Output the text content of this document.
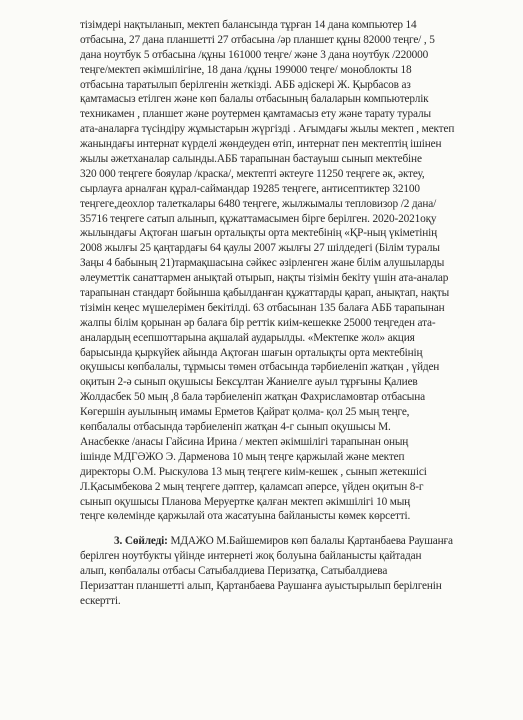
тізімдері нақтыланып, мектеп балансында тұрған 14 дана компьютер 14
отбасына, 27 дана планшетті 27 отбасына /әр планшет құны 82000 теңге/ , 5
дана ноутбук 5 отбасына /құны 161000 теңге/ және 3 дана ноутбук /220000
теңге/мектеп әкімшілігіне, 18 дана /құны 199000 теңге/ моноблокты 18
отбасына таратылып берілгенін жеткізді. АББ әдіскері Ж. Қырбасов аз
қамтамасыз етілген және көп балалы отбасының балаларын компьютерлік
техникамен , планшет және роутермен қамтамасыз ету және тарату туралы
ата-аналарға түсіндіру жұмыстарын жүргізді . Ағымдағы жылы мектеп , мектеп
жанындағы интернат күрделі жөндеуден өтіп, интернат пен мектептің ішінен
жылы әжетханалар салынды.АББ тарапынан бастауыш сынып мектебіне
320 000 теңгеге бояулар /краска/, мектепті әктеуге 11250 теңгеге әк, әктеу,
сырлауға арналған құрал-саймандар 19285 теңгеге, антисептиктер 32100
теңгеге,деохлор талеткалары 6480 теңгеге, жылжымалы тепловизор /2 дана/
35716 теңгеге сатып алынып, құжаттамасымен бірге берілген. 2020-2021оқу
жылындағы Ақтоған шағын орталықты орта мектебінің «ҚР-ның үкіметінің
2008 жылғы 25 қаңтардағы 64 қаулы 2007 жылғы 27 шілдедегі (Білім туралы
Заңы 4 бабының 21)тармақшасына сәйкес әзірленген жане білім алушыларды
әлеуметтік санаттармен анықтай отырып, нақты тізімін бекіту үшін ата-аналар
тарапынан стандарт бойынша қабылданған құжаттарды қарап, анықтап, нақты
тізімін кеңес мүшелерімен бекітілді. 63 отбасынан 135 балаға АББ тарапынан
жалпы білім қорынан әр балаға бір реттік киім-кешекке 25000 теңгеден ата-
аналардың есепшоттарына ақшалай аударылды. «Мектепке жол» акция
барысында қыркүйек айында Ақтоған шағын орталықты орта мектебінің
оқушысы көпбалалы, тұрмысы төмен отбасында тәрбиеленіп жатқан , үйден
оқитын 2-ә сынып оқушысы Бексұлтан Жаниелге ауыл тұрғыны Қалиев
Жолдасбек 50 мың ,8 бала тәрбиеленіп жатқан Фахрисламовтар отбасына
Көгершін ауылының имамы Ерметов Қайрат қолма- қол 25 мың теңге,
көпбалалы отбасында тәрбиеленіп жатқан 4-г сынып оқушысы М.
Анасбекке /анасы Гайсина Ирина / мектеп әкімшілігі тарапынан оның
ішінде МДГӘЖО Э. Дарменова 10 мың теңге қаржылай және мектеп
директоры О.М. Рыскулова 13 мың теңгеге киім-кешек , сынып жетекшісі
Л.Қасымбекова 2 мың теңгеге дәптер, қаламсап әперсе, үйден оқитын 8-г
сынып оқушысы Планова Меруертке қалған мектеп әкімшілігі 10 мың
теңге көлемінде қаржылай ота жасатуына байланысты көмек көрсетті.
3. Сөйледі: МДАЖО М.Байшемиров көп балалы Қартанбаева Раушанға
берілген ноутбукты үйінде интернеті жоқ болуына байланысты қайтадан
алып, көпбалалы отбасы Сатыбалдиева Перизатқа, Сатыбалдиева
Перизаттан планшетті алып, Қартанбаева Раушанға ауыстырылып берілгенін
ескертті.
